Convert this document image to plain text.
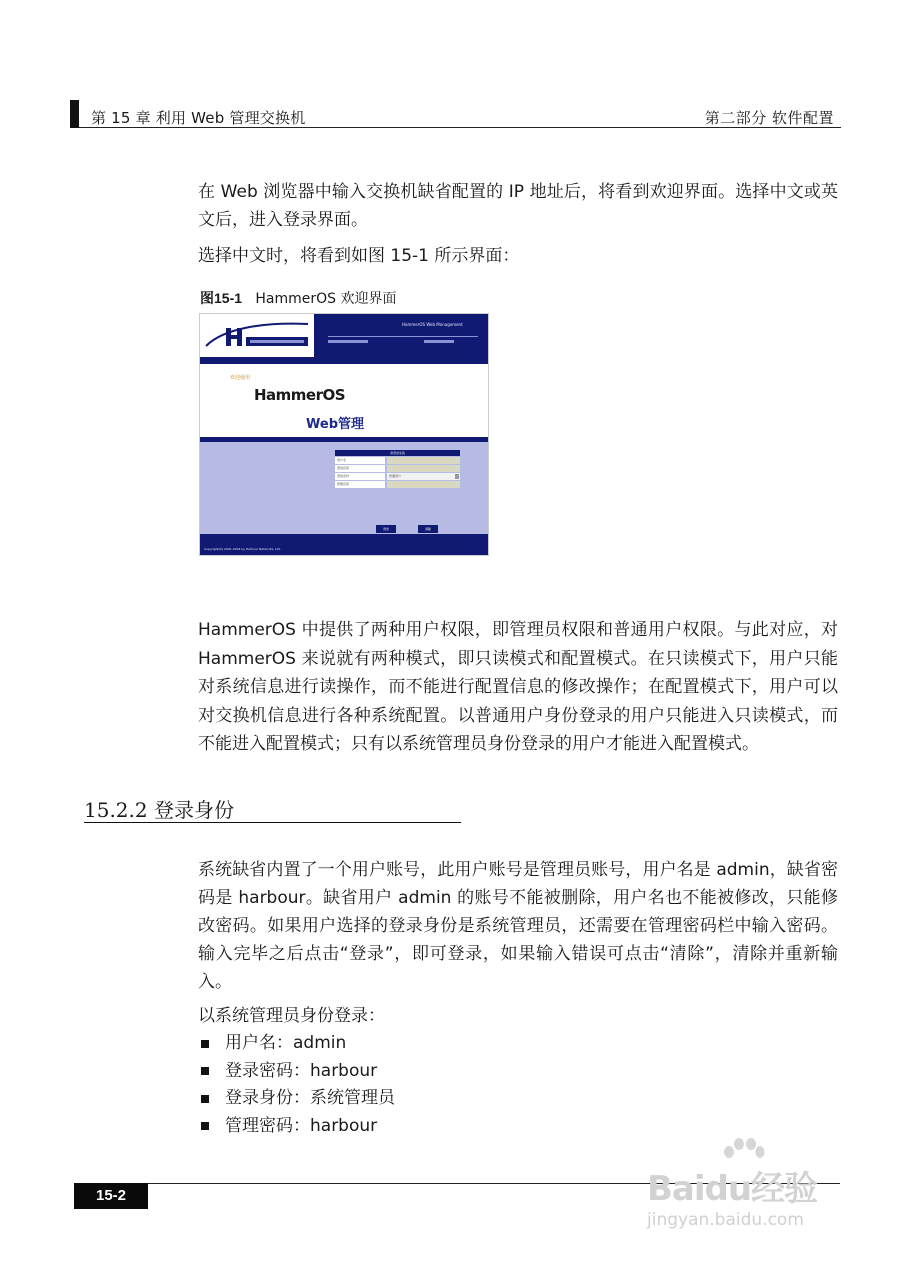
第 15 章 利用 Web 管理交换机	第二部分 软件配置

在 Web 浏览器中输入交换机缺省配置的 IP 地址后，将看到欢迎界面。选择中文或英文后，进入登录界面。

选择中文时，将看到如图 15-1 所示界面：

图15-1 HammerOS 欢迎界面
HammerOS Web Management
欢迎使用
HammerOS
Web管理
请登录系统
用户名
登录密码
登录身份	普通用户
管理密码
登录	清除
Copyright(C) 2001-2004 by Harbour Networks, Ltd.

HammerOS 中提供了两种用户权限，即管理员权限和普通用户权限。与此对应，对HammerOS 来说就有两种模式，即只读模式和配置模式。在只读模式下，用户只能对系统信息进行读操作，而不能进行配置信息的修改操作；在配置模式下，用户可以对交换机信息进行各种系统配置。以普通用户身份登录的用户只能进入只读模式，而不能进入配置模式；只有以系统管理员身份登录的用户才能进入配置模式。

15.2.2 登录身份

系统缺省内置了一个用户账号，此用户账号是管理员账号，用户名是 admin，缺省密码是 harbour。缺省用户 admin 的账号不能被删除，用户名也不能被修改，只能修改密码。如果用户选择的登录身份是系统管理员，还需要在管理密码栏中输入密码。输入完毕之后点击“登录”，即可登录，如果输入错误可点击“清除”，清除并重新输入。

以系统管理员身份登录：

用户名：admin
登录密码：harbour
登录身份：系统管理员
管理密码：harbour
15-2	Baidu经验
jingyan.baidu.com
